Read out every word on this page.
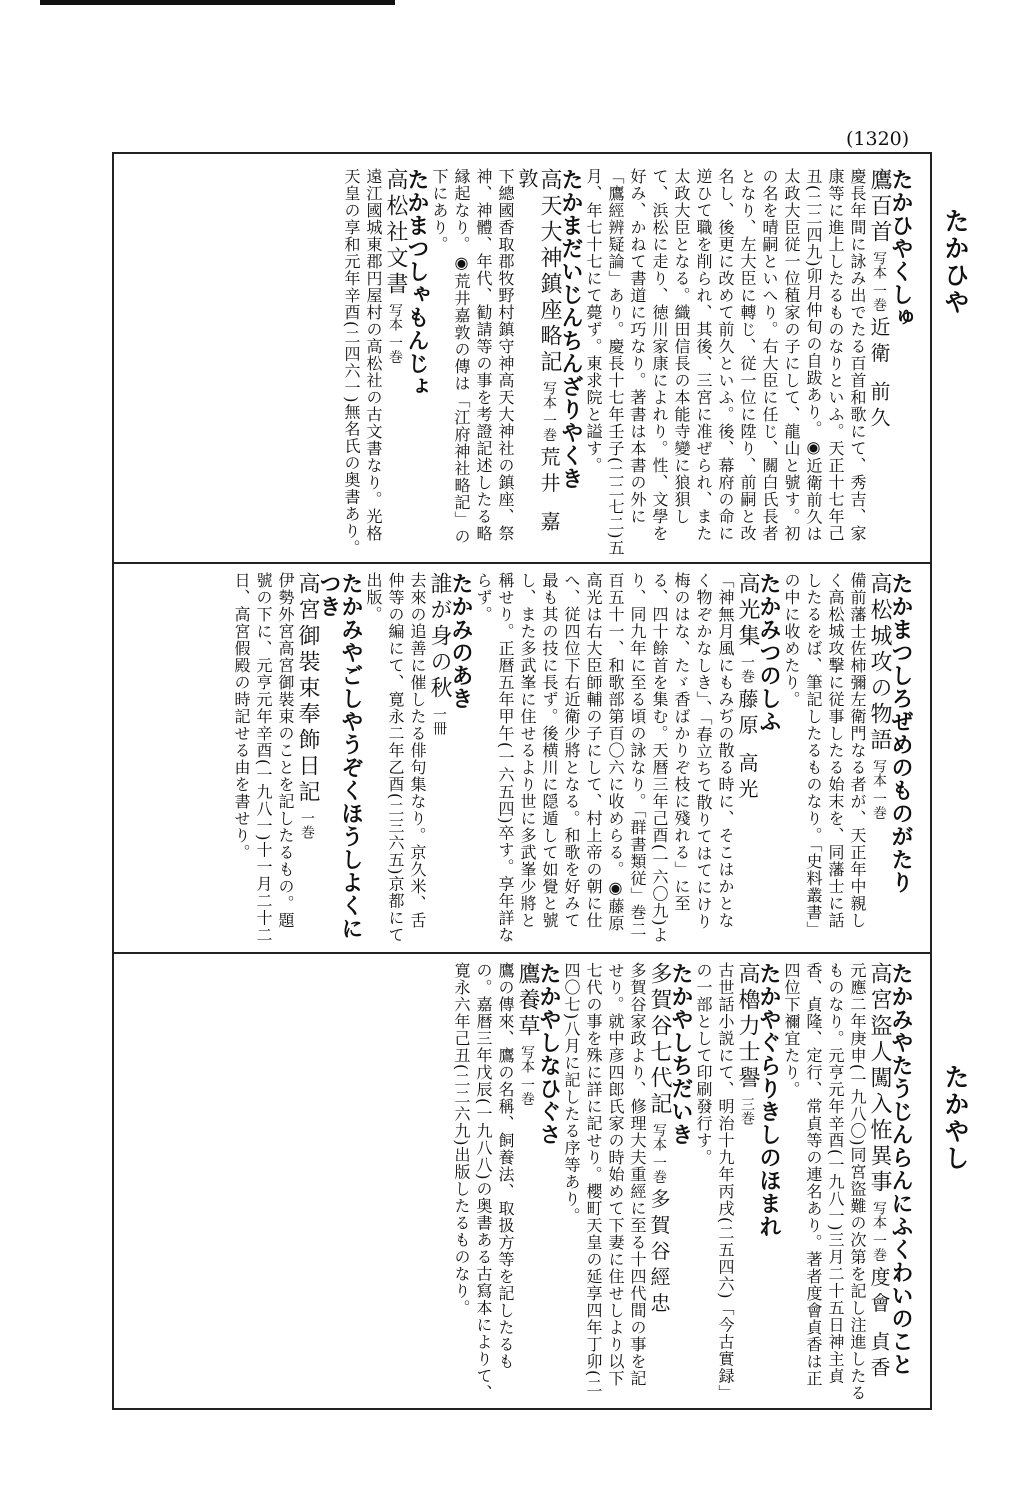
(1320)
たかひや
たかやし
たかひやくしゅ
鷹百首 写本 一巻 近衛 前久
慶長年間に詠み出でたる百首和歌にて、秀吉、家康等に進上したるものなりといふ。天正十七年己丑(二二四九)卯月仲旬の自跋あり。◉近衛前久は太政大臣従一位稙家の子にして、龍山と號す。初の名を晴嗣といへり。右大臣に任じ、關白氏長者となり、左大臣に轉じ、従一位に陞り、前嗣と改名し、後更に改めて前久といふ。後、幕府の命に逆ひて職を削られ、其後、三宮に准ぜられ、また太政大臣となる。織田信長の本能寺變に狼狽して、浜松に走り、徳川家康によれり。性、文學を好み、かねて書道に巧なり。著書は本書の外に「鷹經辨疑論」あり。慶長十七年壬子(二二七二)五月、年七十七にて薨ず。東求院と謚す。
たかまだいじんちんざりやくき
高天大神鎮座略記 写本 一巻 荒井 嘉敦
下總國香取郡牧野村鎮守神高天大神社の鎮座、祭神、神體、年代、勧請等の事を考證記述したる略縁起なり。◉荒井嘉敦の傳は「江府神社略記」の下にあり。
たかまつしゃもんじょ
高松社文書 写本 一巻
遠江國城東郡円屋村の高松社の古文書なり。光格天皇の享和元年辛酉(二四六一)無名氏の奥書あり。
たかまつしろぜめのものがたり
高松城攻の物語 写本 一巻
備前藩士佐柿彌左衛門なる者が、天正年中親しく高松城攻撃に従事したる始末を、同藩士に話したるをば、筆記したるものなり。「史料叢書」の中に收めたり。
たかみつのしふ
高光集 一巻 藤原 高光
「神無月風にもみぢの散る時に、そこはかとなく物ぞかなしき」、「春立ちて散りてはてにけり梅のはな、たゞ香ばかりぞ枝に殘れる」に至る、四十餘首を集む。天暦三年己酉(一六〇九)より、同九年に至る頃の詠なり。「群書類従」巻二百五十一、和歌部第百〇六に收めらる。◉藤原高光は右大臣師輔の子にして、村上帝の朝に仕へ、従四位下右近衛少將となる。和歌を好みて最も其の技に長ず。後横川に隠遁して如覺と號し、また多武峯に住せるより世に多武峯少將と稱せり。正暦五年甲午(一六五四)卒す。享年詳ならず。
たかみのあき
誰が身の秋 一冊
去來の追善に催したる俳句集なり。京久米、舌仲等の編にて、寛永二年乙酉(二三六五)京都にて出版。
たかみやごしやうぞくほうしよくにつき
高宮御裝束奉飾日記 一巻
伊勢外宮高宮御裝束のことを記したるもの。題號の下に、元亨元年辛酉(一九八一)十一月二十二日、高宮假殿の時記せる由を書せり。
たかみやたうじんらんにふくわいのこと
高宮盜人闖入恠異事 写本 一巻 度會 貞香
元應二年庚申(一九八〇)同宮盜難の次第を記し注進したるものなり。元亨元年辛酉(一九八一)三月二十五日神主貞香、貞隆、定行、常貞等の連名あり。著者度會貞香は正四位下禰宜たり。
たかやぐらりきしのほまれ
高櫓力士譽 三巻
古世話小説にて、明治十九年丙戌(二五四六)「今古實録」の一部として印刷發行す。
たかやしちだいき
多賀谷七代記 写本 一巻 多賀谷經忠
多賀谷家政より、修理大夫重經に至る十四代間の事を記せり。就中彦四郎氏家の時始めて下妻に住せしより以下七代の事を殊に詳に記せり。櫻町天皇の延享四年丁卯(二四〇七)八月に記したる序等あり。
たかやしなひぐさ
鷹養草 写本 一巻
鷹の傳來、鷹の名稱、飼養法、取扱方等を記したるもの。嘉暦三年戊辰(一九八八)の奥書ある古寫本によりて、寛永六年己丑(二二六九)出版したるものなり。
